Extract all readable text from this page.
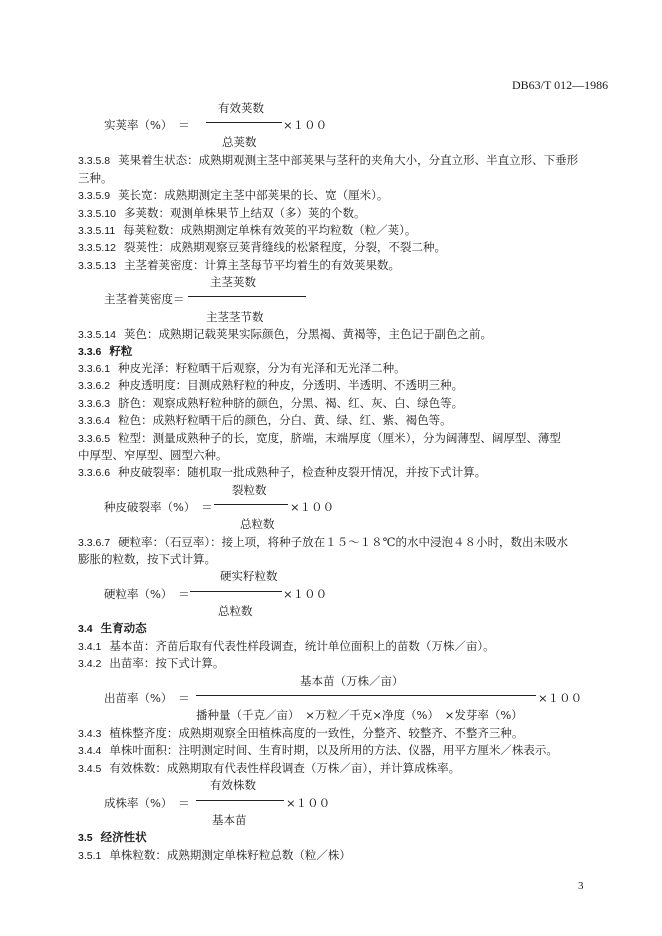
DB63/T 012—1986
有效荚数
实荚率（%）　＝	×１００
总荚数
3.3.5.8 荚果着生状态：成熟期观测主茎中部荚果与茎秆的夹角大小，分直立形、半直立形、下垂形
三种。
3.3.5.9 荚长宽：成熟期测定主茎中部荚果的长、宽（厘米）。
3.3.5.10 多荚数：观测单株果节上结双（多）荚的个数。
3.3.5.11 每荚粒数：成熟期测定单株有效荚的平均粒数（粒／荚）。
3.3.5.12 裂荚性：成熟期观察豆荚背缝线的松紧程度，分裂，不裂二种。
3.3.5.13 主茎着荚密度：计算主茎每节平均着生的有效荚果数。
主茎荚数
主茎着荚密度＝
主茎茎节数
3.3.5.14 荚色：成熟期记载荚果实际颜色，分黑褐、黄褐等，主色记于副色之前。
3.3.6 籽粒
3.3.6.1 种皮光泽：籽粒晒干后观察，分为有光泽和无光泽二种。
3.3.6.2 种皮透明度：目测成熟籽粒的种皮，分透明、半透明、不透明三种。
3.3.6.3 脐色：观察成熟籽粒种脐的颜色，分黑、褐、红、灰、白、绿色等。
3.3.6.4 粒色：成熟籽粒晒干后的颜色，分白、黄、绿、红、紫、褐色等。
3.3.6.5 粒型：测量成熟种子的长，宽度，脐端，末端厚度（厘米），分为阔薄型、阔厚型、薄型
中厚型、窄厚型、圆型六种。
3.3.6.6 种皮破裂率：随机取一批成熟种子，检查种皮裂开情况，并按下式计算。
裂粒数
种皮破裂率（%）　＝	×１００
总粒数
3.3.6.7 硬粒率：（石豆率）：接上项，将种子放在１５～１８℃的水中浸泡４８小时，数出未吸水
膨胀的粒数，按下式计算。
硬实籽粒数
硬粒率（%）　＝	×１００
总粒数
3.4 生育动态
3.4.1 基本苗：齐苗后取有代表性样段调查，统计单位面积上的苗数（万株／亩）。
3.4.2 出苗率：按下式计算。
基本苗（万株／亩）
出苗率（%）　＝	×１００
播种量（千克／亩）　×万粒／千克×净度（%）　×发芽率（%）
3.4.3 植株整齐度：成熟期观察全田植株高度的一致性，分整齐、较整齐、不整齐三种。
3.4.4 单株叶面积：注明测定时间、生育时期，以及所用的方法、仪器，用平方厘米／株表示。
3.4.5 有效株数：成熟期取有代表性样段调查（万株／亩），并计算成株率。
有效株数
成株率（%）　＝	×１００
基本苗
3.5 经济性状
3.5.1 单株粒数：成熟期测定单株籽粒总数（粒／株）
3
